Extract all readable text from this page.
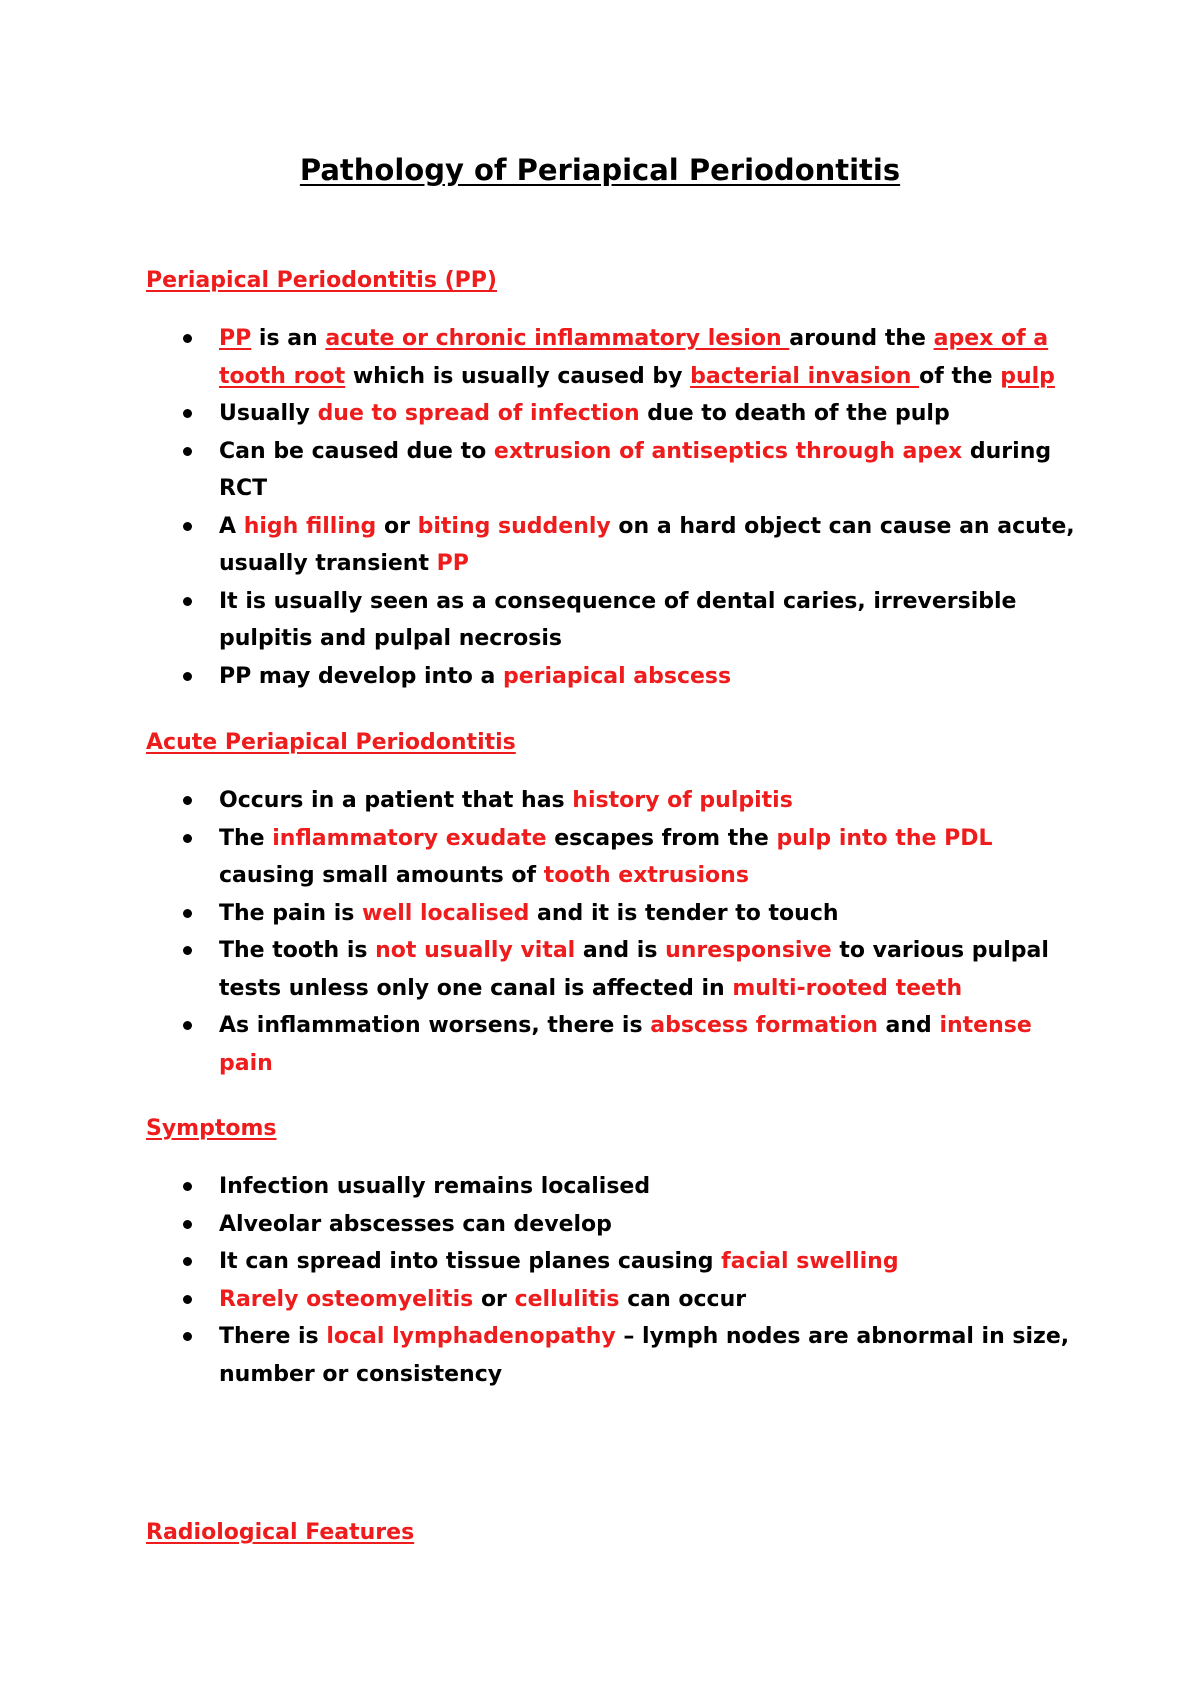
Pathology of Periapical Periodontitis
Periapical Periodontitis (PP)
PP is an acute or chronic inflammatory lesion around the apex of a tooth root which is usually caused by bacterial invasion of the pulp
Usually due to spread of infection due to death of the pulp
Can be caused due to extrusion of antiseptics through apex during RCT
A high filling or biting suddenly on a hard object can cause an acute, usually transient PP
It is usually seen as a consequence of dental caries, irreversible pulpitis and pulpal necrosis
PP may develop into a periapical abscess
Acute Periapical Periodontitis
Occurs in a patient that has history of pulpitis
The inflammatory exudate escapes from the pulp into the PDL causing small amounts of tooth extrusions
The pain is well localised and it is tender to touch
The tooth is not usually vital and is unresponsive to various pulpal tests unless only one canal is affected in multi-rooted teeth
As inflammation worsens, there is abscess formation and intense pain
Symptoms
Infection usually remains localised
Alveolar abscesses can develop
It can spread into tissue planes causing facial swelling
Rarely osteomyelitis or cellulitis can occur
There is local lymphadenopathy – lymph nodes are abnormal in size, number or consistency
Radiological Features
